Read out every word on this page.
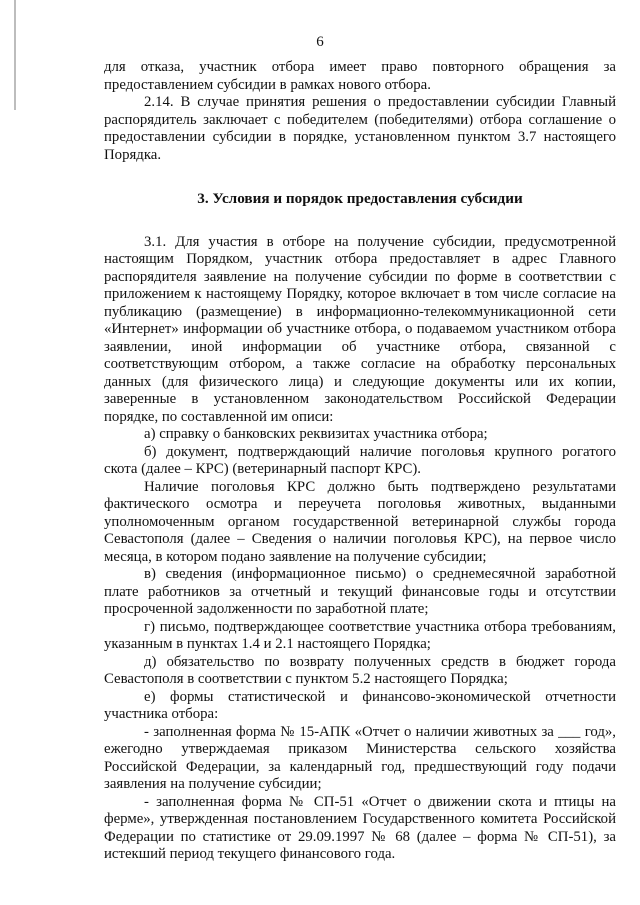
6

для отказа, участник отбора имеет право повторного обращения за предоставлением субсидии в рамках нового отбора.

2.14. В случае принятия решения о предоставлении субсидии Главный распорядитель заключает с победителем (победителями) отбора соглашение о предоставлении субсидии в порядке, установленном пунктом 3.7 настоящего Порядка.

3. Условия и порядок предоставления субсидии

3.1. Для участия в отборе на получение субсидии, предусмотренной настоящим Порядком, участник отбора предоставляет в адрес Главного распорядителя заявление на получение субсидии по форме в соответствии с приложением к настоящему Порядку, которое включает в том числе согласие на публикацию (размещение) в информационно-телекоммуникационной сети «Интернет» информации об участнике отбора, о подаваемом участником отбора заявлении, иной информации об участнике отбора, связанной с соответствующим отбором, а также согласие на обработку персональных данных (для физического лица) и следующие документы или их копии, заверенные в установленном законодательством Российской Федерации порядке, по составленной им описи:

а) справку о банковских реквизитах участника отбора;

б) документ, подтверждающий наличие поголовья крупного рогатого скота (далее – КРС) (ветеринарный паспорт КРС).

Наличие поголовья КРС должно быть подтверждено результатами фактического осмотра и переучета поголовья животных, выданными уполномоченным органом государственной ветеринарной службы города Севастополя (далее – Сведения о наличии поголовья КРС), на первое число месяца, в котором подано заявление на получение субсидии;

в) сведения (информационное письмо) о среднемесячной заработной плате работников за отчетный и текущий финансовые годы и отсутствии просроченной задолженности по заработной плате;

г) письмо, подтверждающее соответствие участника отбора требованиям, указанным в пунктах 1.4 и 2.1 настоящего Порядка;

д) обязательство по возврату полученных средств в бюджет города Севастополя в соответствии с пунктом 5.2 настоящего Порядка;

е) формы статистической и финансово-экономической отчетности участника отбора:

- заполненная форма № 15-АПК «Отчет о наличии животных за ___ год», ежегодно утверждаемая приказом Министерства сельского хозяйства Российской Федерации, за календарный год, предшествующий году подачи заявления на получение субсидии;

- заполненная форма № СП-51 «Отчет о движении скота и птицы на ферме», утвержденная постановлением Государственного комитета Российской Федерации по статистике от 29.09.1997 № 68 (далее – форма № СП-51), за истекший период текущего финансового года.
